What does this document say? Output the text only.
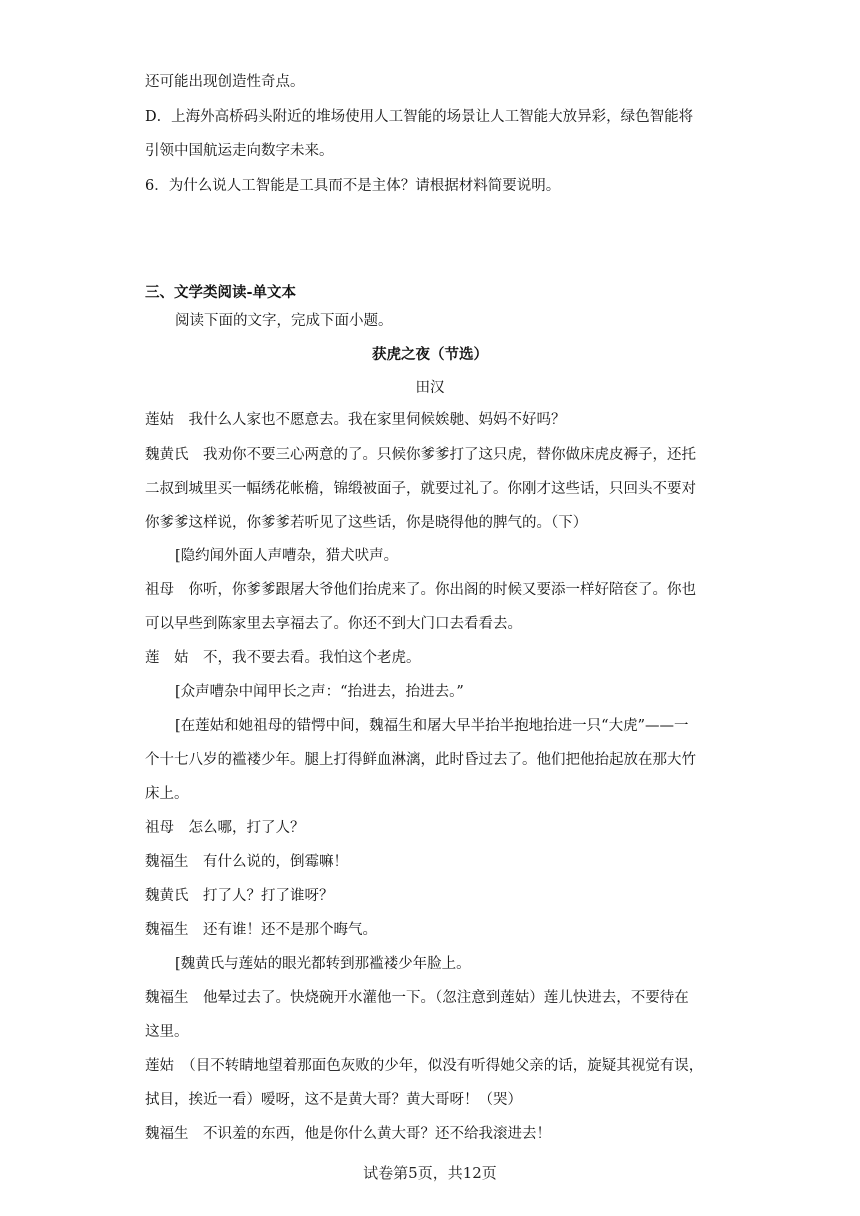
还可能出现创造性奇点。
D．上海外高桥码头附近的堆场使用人工智能的场景让人工智能大放异彩，绿色智能将
引领中国航运走向数字未来。
6．为什么说人工智能是工具而不是主体？请根据材料简要说明。
三、文学类阅读-单文本
阅读下面的文字，完成下面小题。
获虎之夜（节选）
田汉
莲姑　我什么人家也不愿意去。我在家里伺候娭毑、妈妈不好吗？
魏黄氏　我劝你不要三心两意的了。只候你爹爹打了这只虎，替你做床虎皮褥子，还托
二叔到城里买一幅绣花帐檐，锦缎被面子，就要过礼了。你刚才这些话，只回头不要对
你爹爹这样说，你爹爹若听见了这些话，你是晓得他的脾气的。（下）
[隐约闻外面人声嘈杂，猎犬吠声。
祖母　你听，你爹爹跟屠大爷他们抬虎来了。你出阁的时候又要添一样好陪奁了。你也
可以早些到陈家里去享福去了。你还不到大门口去看看去。
莲　姑　不，我不要去看。我怕这个老虎。
[众声嘈杂中闻甲长之声：“抬进去，抬进去。”
[在莲姑和她祖母的错愕中间，魏福生和屠大早半抬半抱地抬进一只“大虎”——一
个十七八岁的褴褛少年。腿上打得鲜血淋漓，此时昏过去了。他们把他抬起放在那大竹
床上。
祖母　怎么哪，打了人？
魏福生　有什么说的，倒霉嘛！
魏黄氏　打了人？打了谁呀？
魏福生　还有谁！还不是那个晦气。
[魏黄氏与莲姑的眼光都转到那褴褛少年脸上。
魏福生　他晕过去了。快烧碗开水灌他一下。（忽注意到莲姑）莲儿快进去，不要待在
这里。
莲姑　（目不转睛地望着那面色灰败的少年，似没有听得她父亲的话，旋疑其视觉有误，
拭目，挨近一看）嗳呀，这不是黄大哥？黄大哥呀！（哭）
魏福生　不识羞的东西，他是你什么黄大哥？还不给我滚进去！
试卷第5页，共12页
